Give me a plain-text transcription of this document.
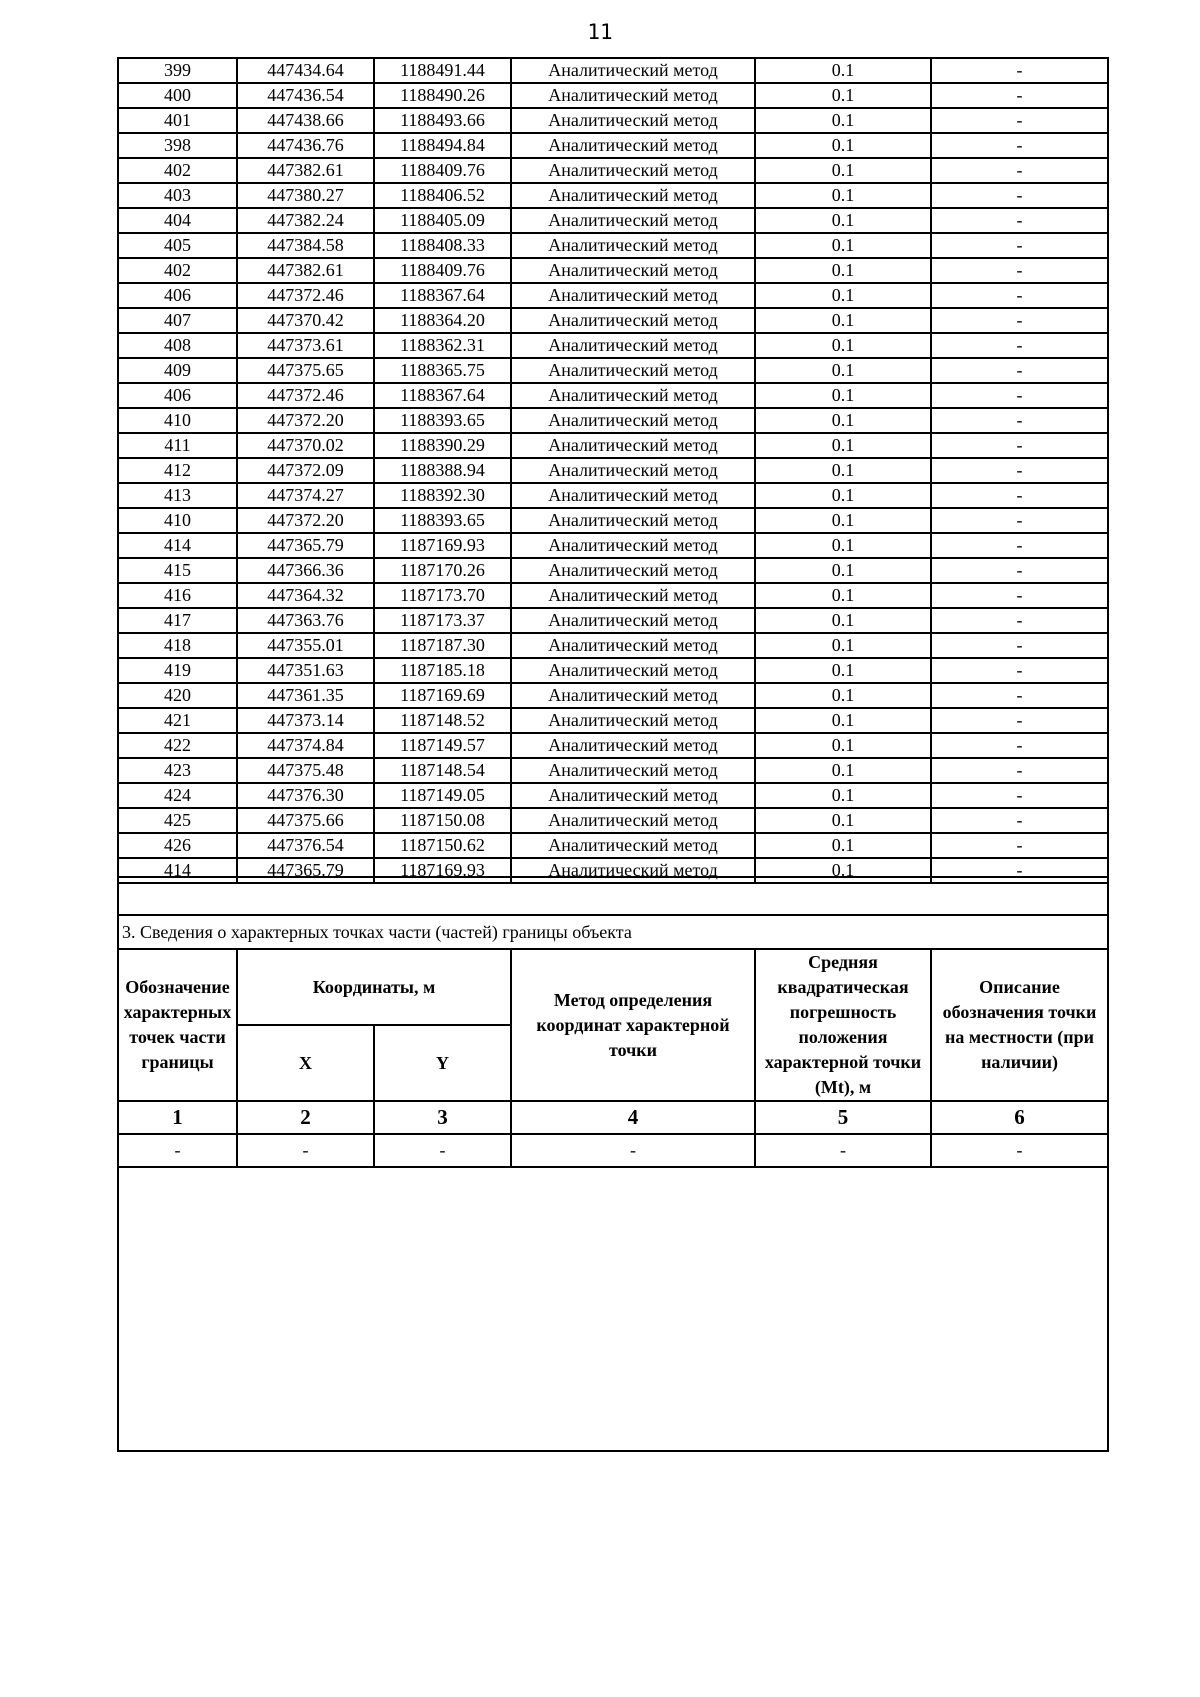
11
399	447434.64	1188491.44	Аналитический метод	0.1	-
400	447436.54	1188490.26	Аналитический метод	0.1	-
401	447438.66	1188493.66	Аналитический метод	0.1	-
398	447436.76	1188494.84	Аналитический метод	0.1	-
402	447382.61	1188409.76	Аналитический метод	0.1	-
403	447380.27	1188406.52	Аналитический метод	0.1	-
404	447382.24	1188405.09	Аналитический метод	0.1	-
405	447384.58	1188408.33	Аналитический метод	0.1	-
402	447382.61	1188409.76	Аналитический метод	0.1	-
406	447372.46	1188367.64	Аналитический метод	0.1	-
407	447370.42	1188364.20	Аналитический метод	0.1	-
408	447373.61	1188362.31	Аналитический метод	0.1	-
409	447375.65	1188365.75	Аналитический метод	0.1	-
406	447372.46	1188367.64	Аналитический метод	0.1	-
410	447372.20	1188393.65	Аналитический метод	0.1	-
411	447370.02	1188390.29	Аналитический метод	0.1	-
412	447372.09	1188388.94	Аналитический метод	0.1	-
413	447374.27	1188392.30	Аналитический метод	0.1	-
410	447372.20	1188393.65	Аналитический метод	0.1	-
414	447365.79	1187169.93	Аналитический метод	0.1	-
415	447366.36	1187170.26	Аналитический метод	0.1	-
416	447364.32	1187173.70	Аналитический метод	0.1	-
417	447363.76	1187173.37	Аналитический метод	0.1	-
418	447355.01	1187187.30	Аналитический метод	0.1	-
419	447351.63	1187185.18	Аналитический метод	0.1	-
420	447361.35	1187169.69	Аналитический метод	0.1	-
421	447373.14	1187148.52	Аналитический метод	0.1	-
422	447374.84	1187149.57	Аналитический метод	0.1	-
423	447375.48	1187148.54	Аналитический метод	0.1	-
424	447376.30	1187149.05	Аналитический метод	0.1	-
425	447375.66	1187150.08	Аналитический метод	0.1	-
426	447376.54	1187150.62	Аналитический метод	0.1	-
414	447365.79	1187169.93	Аналитический метод	0.1	-

3. Сведения о характерных точках части (частей) границы объекта					
Обозначение характерных точек части границы	Координаты, м		Метод определения координат характерной точки	Средняя квадратическая погрешность положения характерной точки (Mt), м	Описание обозначения точки на местности (при наличии)
	X	Y			
1	2	3	4	5	6
-	-	-	-	-	-
